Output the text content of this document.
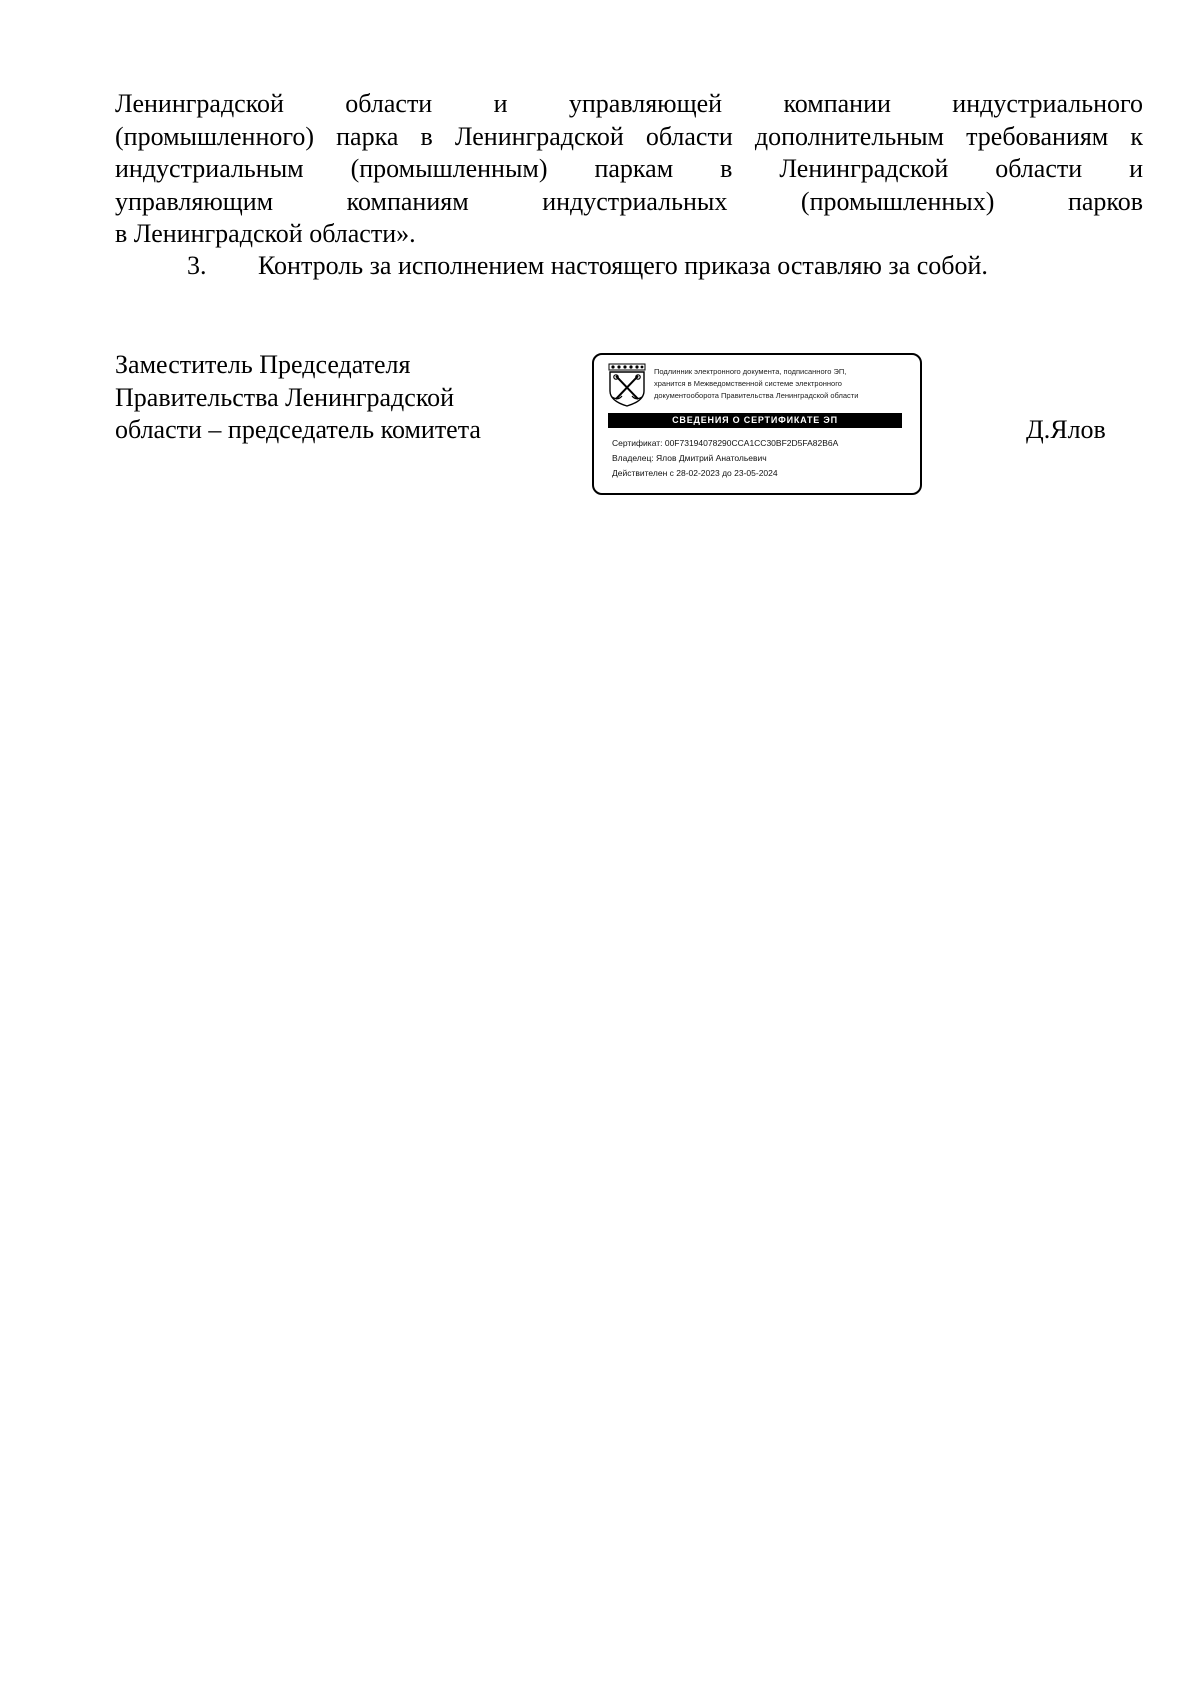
Ленинградской области и управляющей компании индустриального
(промышленного) парка в Ленинградской области дополнительным требованиям к
индустриальным (промышленным) паркам в Ленинградской области и
управляющим компаниям индустриальных (промышленных) парков
в Ленинградской области».
3. Контроль за исполнением настоящего приказа оставляю за собой.
Заместитель Председателя
Правительства Ленинградской
области – председатель комитета
Подлинник электронного документа, подписанного ЭП,
хранится в Межведомственной системе электронного
документооборота Правительства Ленинградской области
СВЕДЕНИЯ О СЕРТИФИКАТЕ ЭП
Сертификат: 00F73194078290CCA1CC30BF2D5FA82B6A
Владелец: Ялов Дмитрий Анатольевич
Действителен с 28-02-2023 до 23-05-2024
Д.Ялов
